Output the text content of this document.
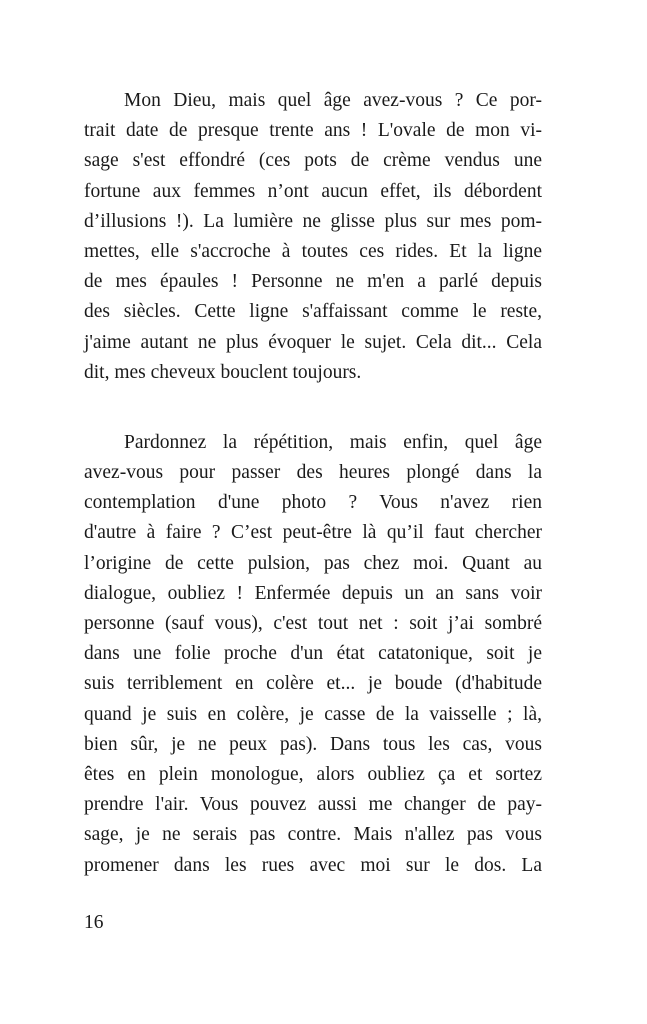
Mon Dieu, mais quel âge avez-vous ? Ce por-
trait date de presque trente ans ! L'ovale de mon vi-
sage s'est effondré (ces pots de crème vendus une
fortune aux femmes n’ont aucun effet, ils débordent
d’illusions !). La lumière ne glisse plus sur mes pom-
mettes, elle s'accroche à toutes ces rides. Et la ligne
de mes épaules ! Personne ne m'en a parlé depuis
des siècles. Cette ligne s'affaissant comme le reste,
j'aime autant ne plus évoquer le sujet. Cela dit... Cela
dit, mes cheveux bouclent toujours.
Pardonnez la répétition, mais enfin, quel âge
avez-vous pour passer des heures plongé dans la
contemplation d'une photo ? Vous n'avez rien
d'autre à faire ? C’est peut-être là qu’il faut chercher
l’origine de cette pulsion, pas chez moi. Quant au
dialogue, oubliez ! Enfermée depuis un an sans voir
personne (sauf vous), c'est tout net : soit j’ai sombré
dans une folie proche d'un état catatonique, soit je
suis terriblement en colère et... je boude (d'habitude
quand je suis en colère, je casse de la vaisselle ; là,
bien sûr, je ne peux pas). Dans tous les cas, vous
êtes en plein monologue, alors oubliez ça et sortez
prendre l'air. Vous pouvez aussi me changer de pay-
sage, je ne serais pas contre. Mais n'allez pas vous
promener dans les rues avec moi sur le dos. La
16
